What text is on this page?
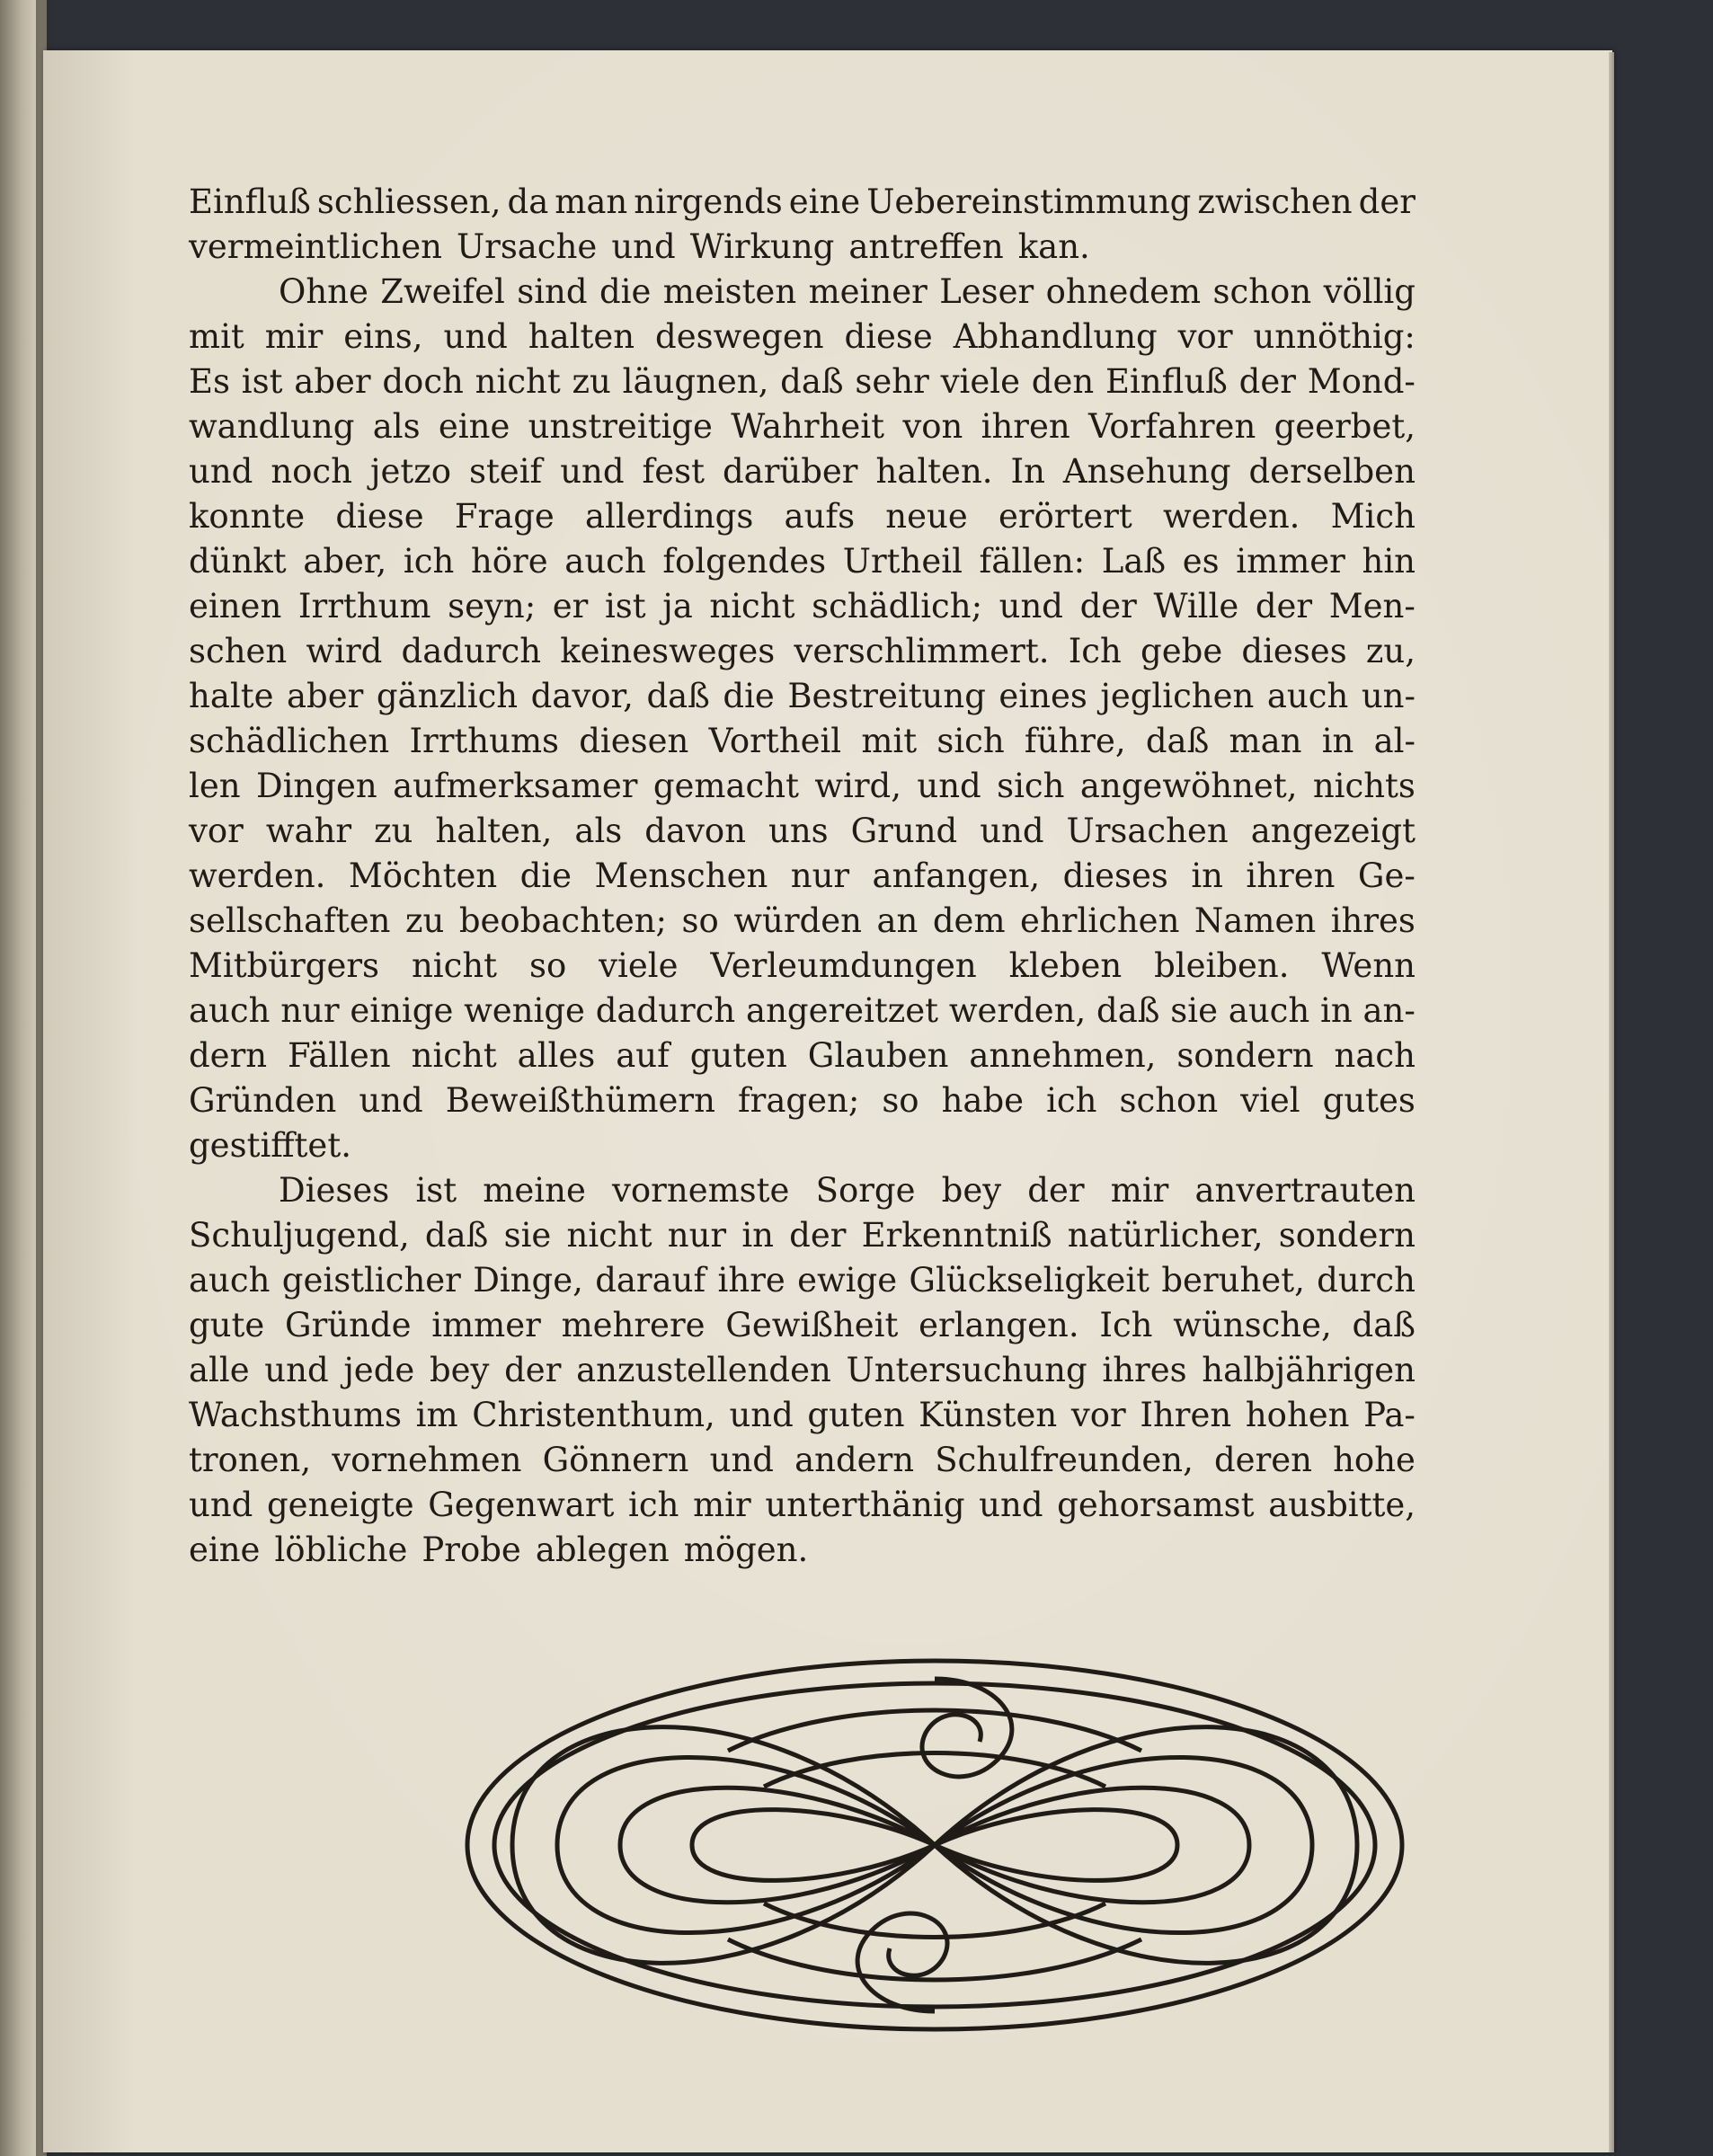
Einfluß schliessen, da man nirgends eine Uebereinstimmung zwischen der
vermeintlichen Ursache und Wirkung antreffen kan.
Ohne Zweifel sind die meisten meiner Leser ohnedem schon völlig
mit mir eins, und halten deswegen diese Abhandlung vor unnöthig:
Es ist aber doch nicht zu läugnen, daß sehr viele den Einfluß der Mond-
wandlung als eine unstreitige Wahrheit von ihren Vorfahren geerbet,
und noch jetzo steif und fest darüber halten. In Ansehung derselben
konnte diese Frage allerdings aufs neue erörtert werden. Mich
dünkt aber, ich höre auch folgendes Urtheil fällen: Laß es immer hin
einen Irrthum seyn; er ist ja nicht schädlich; und der Wille der Men-
schen wird dadurch keinesweges verschlimmert. Ich gebe dieses zu,
halte aber gänzlich davor, daß die Bestreitung eines jeglichen auch un-
schädlichen Irrthums diesen Vortheil mit sich führe, daß man in al-
len Dingen aufmerksamer gemacht wird, und sich angewöhnet, nichts
vor wahr zu halten, als davon uns Grund und Ursachen angezeigt
werden. Möchten die Menschen nur anfangen, dieses in ihren Ge-
sellschaften zu beobachten; so würden an dem ehrlichen Namen ihres
Mitbürgers nicht so viele Verleumdungen kleben bleiben. Wenn
auch nur einige wenige dadurch angereitzet werden, daß sie auch in an-
dern Fällen nicht alles auf guten Glauben annehmen, sondern nach
Gründen und Beweißthümern fragen; so habe ich schon viel gutes
gestifftet.
Dieses ist meine vornemste Sorge bey der mir anvertrauten
Schuljugend, daß sie nicht nur in der Erkenntniß natürlicher, sondern
auch geistlicher Dinge, darauf ihre ewige Glückseligkeit beruhet, durch
gute Gründe immer mehrere Gewißheit erlangen. Ich wünsche, daß
alle und jede bey der anzustellenden Untersuchung ihres halbjährigen
Wachsthums im Christenthum, und guten Künsten vor Ihren hohen Pa-
tronen, vornehmen Gönnern und andern Schulfreunden, deren hohe
und geneigte Gegenwart ich mir unterthänig und gehorsamst ausbitte,
eine löbliche Probe ablegen mögen.
